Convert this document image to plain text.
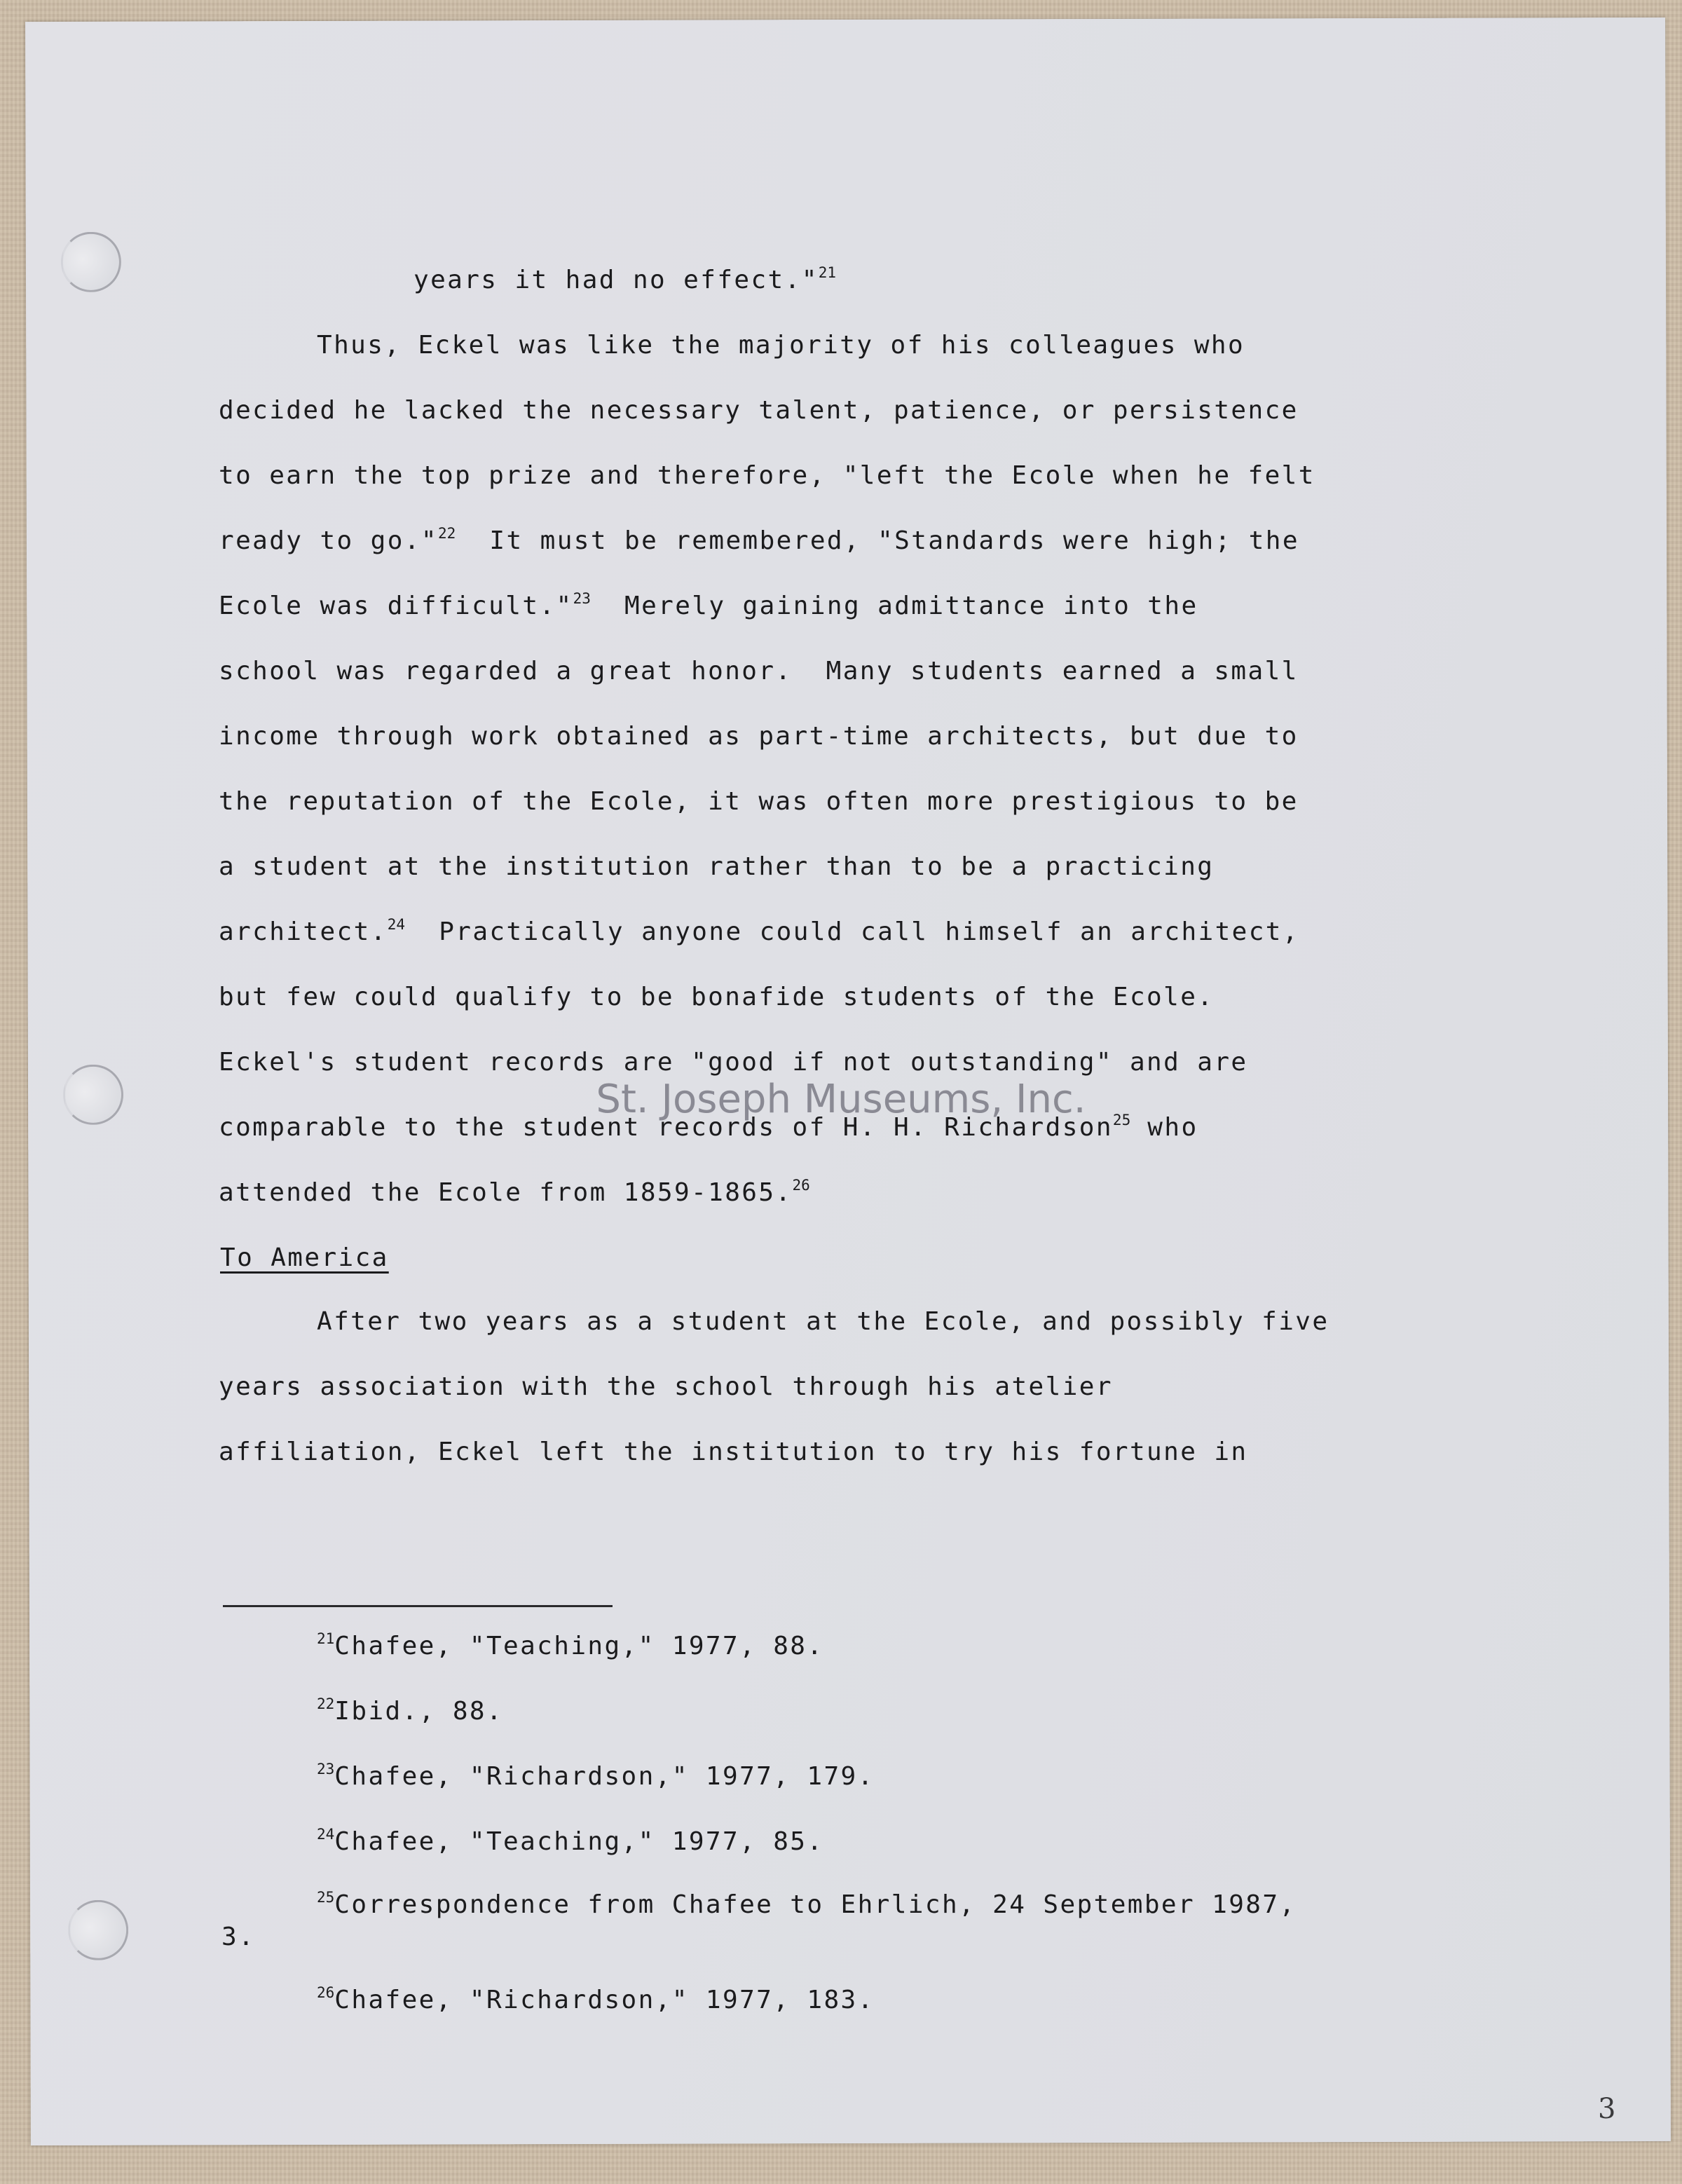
years it had no effect."$^{21}$
Thus, Eckel was like the majority of his colleagues who
decided he lacked the necessary talent, patience, or persistence
to earn the top prize and therefore, "left the Ecole when he felt
ready to go."$^{22}$  It must be remembered, "Standards were high; the
Ecole was difficult."$^{23}$  Merely gaining admittance into the
school was regarded a great honor.  Many students earned a small
income through work obtained as part-time architects, but due to
the reputation of the Ecole, it was often more prestigious to be
a student at the institution rather than to be a practicing
architect.$^{24}$  Practically anyone could call himself an architect,
but few could qualify to be bonafide students of the Ecole.
Eckel's student records are "good if not outstanding" and are
comparable to the student records of H. H. Richardson$^{25}$ who
attended the Ecole from 1859-1865.26
To America
After two years as a student at the Ecole, and possibly five
years association with the school through his atelier
affiliation, Eckel left the institution to try his fortune in
$^{21}$Chafee, "Teaching," 1977, 88.
$^{22}$Ibid., 88.
$^{23}$Chafee, "Richardson," 1977, 179.
$^{24}$Chafee, "Teaching," 1977, 85.
$^{25}$Correspondence from Chafee to Ehrlich, 24 September 1987,
3.
$^{26}$Chafee, "Richardson," 1977, 183.
St. Joseph Museums, Inc.
3
